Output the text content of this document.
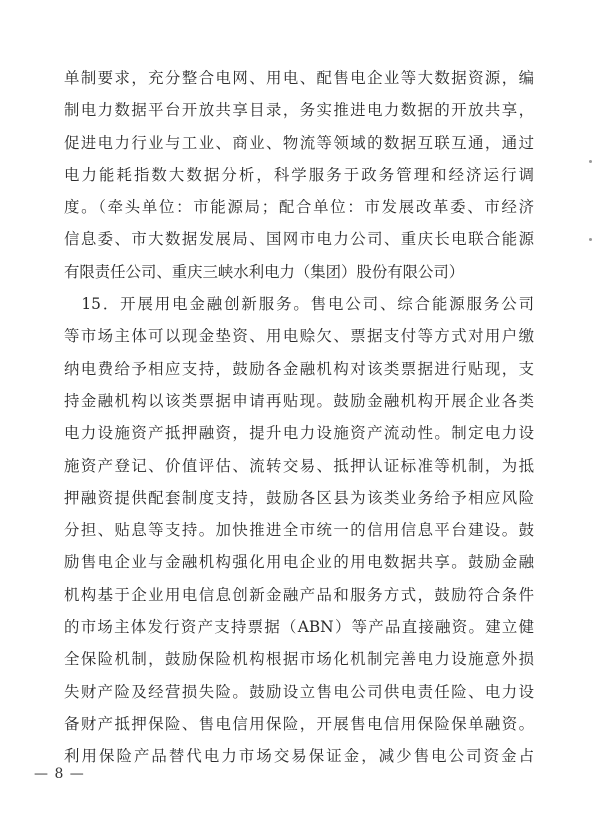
单制要求，充分整合电网、用电、配售电企业等大数据资源，编
制电力数据平台开放共享目录，务实推进电力数据的开放共享，
促进电力行业与工业、商业、物流等领域的数据互联互通，通过
电力能耗指数大数据分析，科学服务于政务管理和经济运行调
度。（牵头单位：市能源局；配合单位：市发展改革委、市经济
信息委、市大数据发展局、国网市电力公司、重庆长电联合能源
有限责任公司、重庆三峡水利电力（集团）股份有限公司）
　15．开展用电金融创新服务。售电公司、综合能源服务公司
等市场主体可以现金垫资、用电赊欠、票据支付等方式对用户缴
纳电费给予相应支持，鼓励各金融机构对该类票据进行贴现，支
持金融机构以该类票据申请再贴现。鼓励金融机构开展企业各类
电力设施资产抵押融资，提升电力设施资产流动性。制定电力设
施资产登记、价值评估、流转交易、抵押认证标准等机制，为抵
押融资提供配套制度支持，鼓励各区县为该类业务给予相应风险
分担、贴息等支持。加快推进全市统一的信用信息平台建设。鼓
励售电企业与金融机构强化用电企业的用电数据共享。鼓励金融
机构基于企业用电信息创新金融产品和服务方式，鼓励符合条件
的市场主体发行资产支持票据（ABN）等产品直接融资。建立健
全保险机制，鼓励保险机构根据市场化机制完善电力设施意外损
失财产险及经营损失险。鼓励设立售电公司供电责任险、电力设
备财产抵押保险、售电信用保险，开展售电信用保险保单融资。
利用保险产品替代电力市场交易保证金，减少售电公司资金占
— 8 —
